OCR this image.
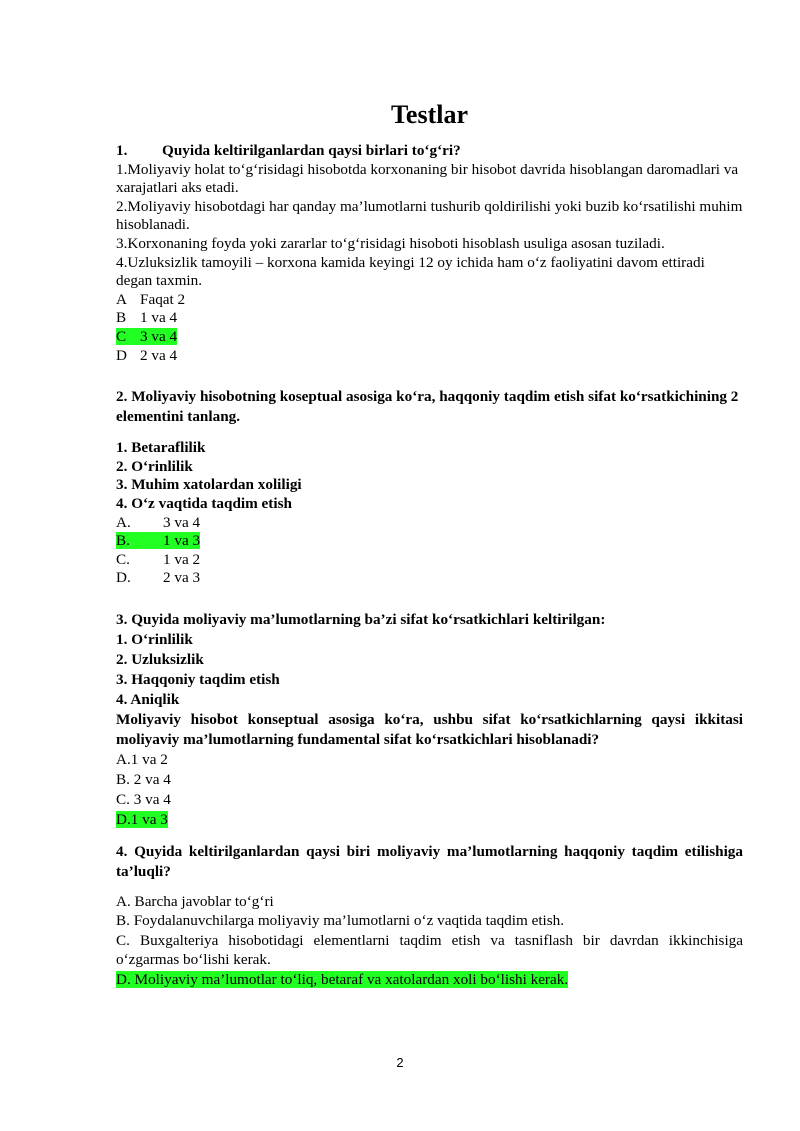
Testlar
1.	Quyida keltirilganlardan qaysi birlari to‘g‘ri?
1.Moliyaviy holat to‘g‘risidagi hisobotda korxonaning bir hisobot davrida hisoblangan daromadlari va xarajatlari aks etadi.
2.Moliyaviy hisobotdagi har qanday ma’lumotlarni tushurib qoldirilishi yoki buzib ko‘rsatilishi muhim hisoblanadi.
3.Korxonaning foyda yoki zararlar to‘g‘risidagi hisoboti hisoblash usuliga asosan tuziladi.
4.Uzluksizlik tamoyili – korxona kamida keyingi 12 oy ichida ham o‘z faoliyatini davom ettiradi degan taxmin.
A Faqat 2
B 1 va 4
C 3 va 4
D 2 va 4
2. Moliyaviy hisobotning koseptual asosiga ko‘ra, haqqoniy taqdim etish sifat ko‘rsatkichining 2 elementini tanlang.
1. Betaraflilik
2. O‘rinlilik
3. Muhim xatolardan xoliligi
4. O‘z vaqtida taqdim etish
A. 3 va 4
B. 1 va 3
C. 1 va 2
D. 2 va 3
3. Quyida moliyaviy ma’lumotlarning ba’zi sifat ko‘rsatkichlari keltirilgan:
1. O‘rinlilik
2. Uzluksizlik
3. Haqqoniy taqdim etish
4. Aniqlik
Moliyaviy hisobot konseptual asosiga ko‘ra, ushbu sifat ko‘rsatkichlarning qaysi ikkitasi moliyaviy ma’lumotlarning fundamental sifat ko‘rsatkichlari hisoblanadi?
A.1 va 2
B. 2 va 4
C. 3 va 4
D.1 va 3
4. Quyida keltirilganlardan qaysi biri moliyaviy ma’lumotlarning haqqoniy taqdim etilishiga ta’luqli?
A. Barcha javoblar to‘g‘ri
B. Foydalanuvchilarga moliyaviy ma’lumotlarni o‘z vaqtida taqdim etish.
C. Buxgalteriya hisobotidagi elementlarni taqdim etish va tasniflash bir davrdan ikkinchisiga o‘zgarmas bo‘lishi kerak.
D. Moliyaviy ma’lumotlar to‘liq, betaraf va xatolardan xoli bo‘lishi kerak.
2
